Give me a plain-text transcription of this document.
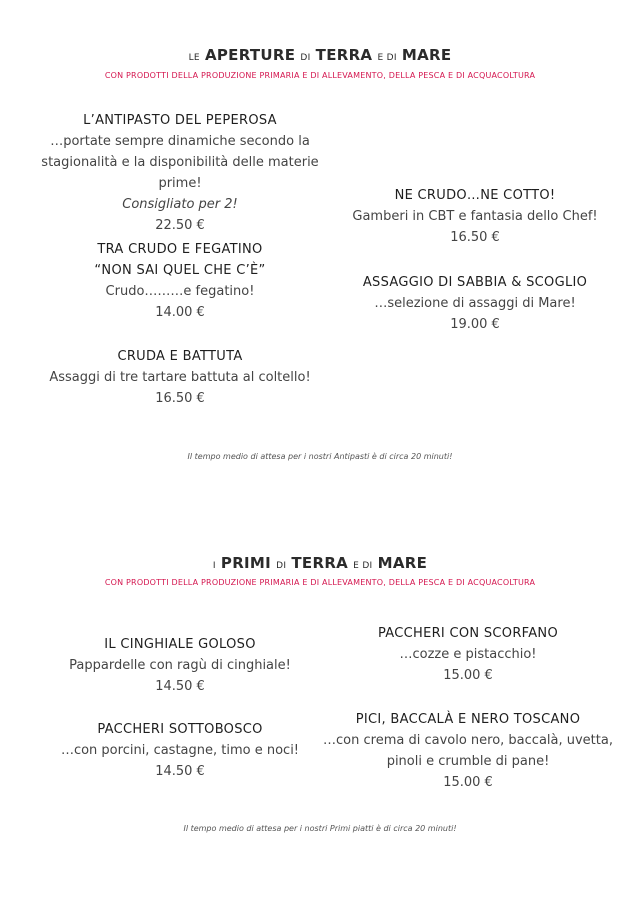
LE APERTURE DI TERRA E DI MARE
CON PRODOTTI DELLA PRODUZIONE PRIMARIA E DI ALLEVAMENTO, DELLA PESCA E DI ACQUACOLTURA
L’ANTIPASTO DEL PEPEROSA
…portate sempre dinamiche secondo la
stagionalità e la disponibilità delle materie prime!
Consigliato per 2!
22.50 €
TRA CRUDO E FEGATINO
“NON SAI QUEL CHE C’È”
Crudo………e fegatino!
14.00 €
CRUDA E BATTUTA
Assaggi di tre tartare battuta al coltello!
16.50 €
NE CRUDO…NE COTTO!
Gamberi in CBT e fantasia dello Chef!
16.50 €
ASSAGGIO DI SABBIA & SCOGLIO
…selezione di assaggi di Mare!
19.00 €
Il tempo medio di attesa per i nostri Antipasti è di circa 20 minuti!
I PRIMI DI TERRA E DI MARE
CON PRODOTTI DELLA PRODUZIONE PRIMARIA E DI ALLEVAMENTO, DELLA PESCA E DI ACQUACOLTURA
IL CINGHIALE GOLOSO
Pappardelle con ragù di cinghiale!
14.50 €
PACCHERI SOTTOBOSCO
…con porcini, castagne, timo e noci!
14.50 €
PACCHERI CON SCORFANO
…cozze e pistacchio!
15.00 €
PICI, BACCALÀ E NERO TOSCANO
…con crema di cavolo nero, baccalà, uvetta,
pinoli e crumble di pane!
15.00 €
Il tempo medio di attesa per i nostri Primi piatti è di circa 20 minuti!
